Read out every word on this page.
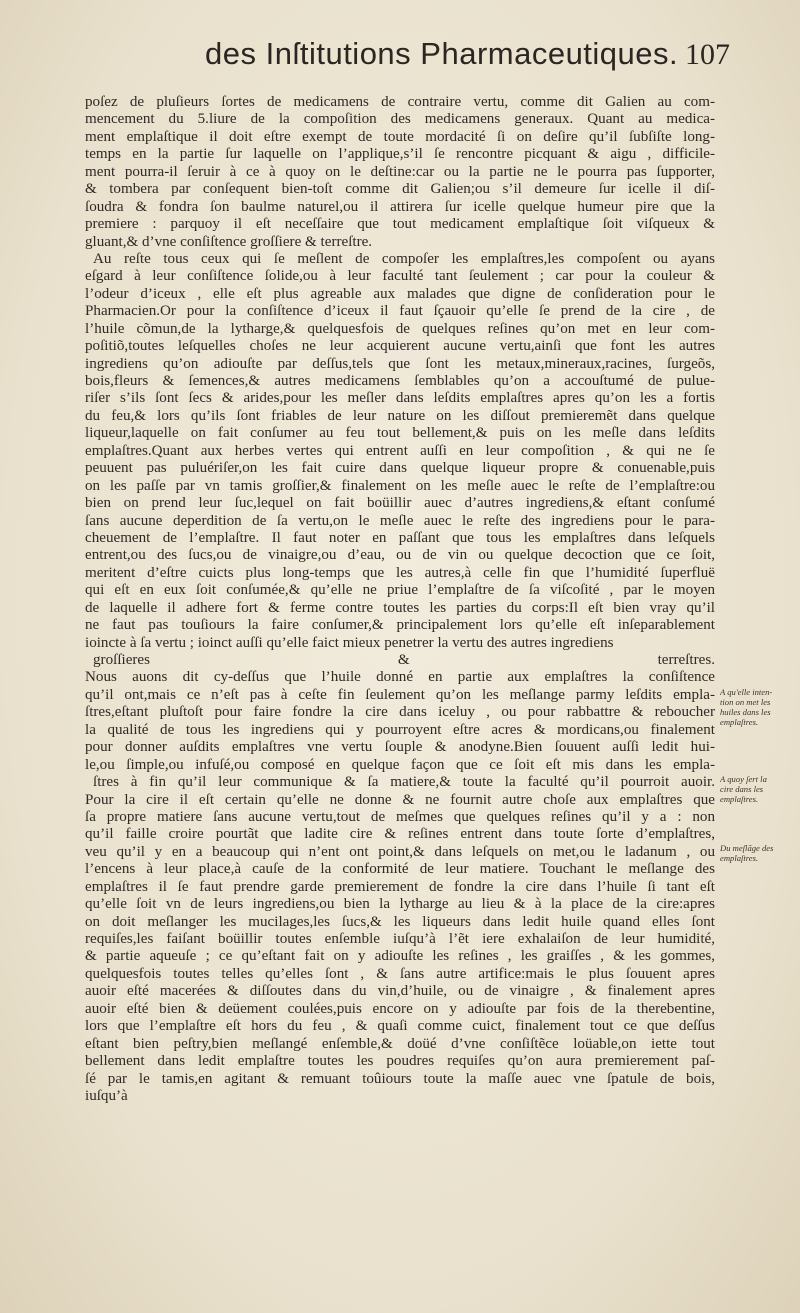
des Inſtitutions Pharmaceutiques. 107
poſez de pluſieurs ſortes de medicamens de contraire vertu, comme dit Galien au com-
mencement du 5.liure de la compoſition des medicamens generaux. Quant au medica-
ment emplaſtique il doit eſtre exempt de toute mordacité ſi on deſire qu’il ſubſiſte long-
temps en la partie ſur laquelle on l’applique,s’il ſe rencontre picquant & aigu , difficile-
ment pourra-il ſeruir à ce à quoy on le deſtine:car ou la partie ne le pourra pas ſupporter,
& tombera par conſequent bien-toſt comme dit Galien;ou s’il demeure ſur icelle il diſ-
ſoudra & fondra ſon baulme naturel,ou il attirera ſur icelle quelque humeur pire que la
premiere : parquoy il eſt neceſſaire que tout medicament emplaſtique ſoit viſqueux &
gluant,& d’vne conſiſtence groſſiere & terreſtre.
Au reſte tous ceux qui ſe meſlent de compoſer les emplaſtres,les compoſent ou ayans
eſgard à leur conſiſtence ſolide,ou à leur faculté tant ſeulement ; car pour la couleur &
l’odeur d’iceux , elle eſt plus agreable aux malades que digne de conſideration pour le
Pharmacien.Or pour la conſiſtence d’iceux il faut ſçauoir qu’elle ſe prend de la cire , de
l’huile cõmun,de la lytharge,& quelquesfois de quelques reſines qu’on met en leur com-
poſitiõ,toutes leſquelles choſes ne leur acquierent aucune vertu,ainſi que font les autres
ingrediens qu’on adiouſte par deſſus,tels que ſont les metaux,mineraux,racines, ſurgeõs,
bois,fleurs & ſemences,& autres medicamens ſemblables qu’on a accouſtumé de pulue-
riſer s’ils ſont ſecs & arides,pour les meſler dans leſdits emplaſtres apres qu’on les a fortis
du feu,& lors qu’ils ſont friables de leur nature on les diſſout premieremẽt dans quelque
liqueur,laquelle on fait conſumer au feu tout bellement,& puis on les meſle dans leſdits
emplaſtres.Quant aux herbes vertes qui entrent auſſi en leur compoſition , & qui ne ſe
peuuent pas puluériſer,on les fait cuire dans quelque liqueur propre & conuenable,puis
on les paſſe par vn tamis groſſier,& finalement on les meſle auec le reſte de l’emplaſtre:ou
bien on prend leur ſuc,lequel on fait boüillir auec d’autres ingrediens,& eſtant conſumé
ſans aucune deperdition de ſa vertu,on le meſle auec le reſte des ingrediens pour le para-
cheuement de l’emplaſtre. Il faut noter en paſſant que tous les emplaſtres dans leſquels
entrent,ou des ſucs,ou de vinaigre,ou d’eau, ou de vin ou quelque decoction que ce ſoit,
meritent d’eſtre cuicts plus long-temps que les autres,à celle fin que l’humidité ſuperfluë
qui eſt en eux ſoit conſumée,& qu’elle ne priue l’emplaſtre de ſa viſcoſité , par le moyen
de laquelle il adhere fort & ferme contre toutes les parties du corps:Il eſt bien vray qu’il
ne faut pas touſiours la faire conſumer,& principalement lors qu’elle eſt inſeparablement
ioincte à ſa vertu ; ioinct auſſi qu’elle faict mieux penetrer la vertu des autres ingrediens
groſſieres & terreſtres.
Nous auons dit cy-deſſus que l’huile donné en partie aux emplaſtres la conſiſtence
qu’il ont,mais ce n’eſt pas à ceſte fin ſeulement qu’on les meſlange parmy leſdits empla-
ſtres,eſtant pluſtoſt pour faire fondre la cire dans iceluy , ou pour rabbattre & reboucher
la qualité de tous les ingrediens qui y pourroyent eſtre acres & mordicans,ou finalement
pour donner auſdits emplaſtres vne vertu ſouple & anodyne.Bien ſouuent auſſi ledit hui-
le,ou ſimple,ou infuſé,ou composé en quelque façon que ce ſoit eſt mis dans les empla-
ſtres à fin qu’il leur communique & ſa matiere,& toute la faculté qu’il pourroit auoir.
Pour la cire il eſt certain qu’elle ne donne & ne fournit autre choſe aux emplaſtres que
ſa propre matiere ſans aucune vertu,tout de meſmes que quelques reſines qu’il y a : non
qu’il faille croire pourtãt que ladite cire & reſines entrent dans toute ſorte d’emplaſtres,
veu qu’il y en a beaucoup qui n’ent ont point,& dans leſquels on met,ou le ladanum , ou
l’encens à leur place,à cauſe de la conformité de leur matiere. Touchant le meſlange des
emplaſtres il ſe faut prendre garde premierement de fondre la cire dans l’huile ſi tant eſt
qu’elle ſoit vn de leurs ingrediens,ou bien la lytharge au lieu & à la place de la cire:apres
on doit meſlanger les mucilages,les ſucs,& les liqueurs dans ledit huile quand elles ſont
requiſes,les faiſant boüillir toutes enſemble iuſqu’à l’ẽt iere exhalaiſon de leur humidité,
& partie aqueuſe ; ce qu’eſtant fait on y adiouſte les reſines , les graiſſes , & les gommes,
quelquesfois toutes telles qu’elles ſont , & ſans autre artifice:mais le plus ſouuent apres
auoir eſté macerées & diſſoutes dans du vin,d’huile, ou de vinaigre , & finalement apres
auoir eſté bien & deüement coulées,puis encore on y adiouſte par fois de la therebentine,
lors que l’emplaſtre eſt hors du feu , & quaſi comme cuict, finalement tout ce que deſſus
eſtant bien peſtry,bien meſlangé enſemble,& doüé d’vne conſiſtẽce loüable,on iette tout
bellement dans ledit emplaſtre toutes les poudres requiſes qu’on aura premierement paſ-
ſé par le tamis,en agitant & remuant toûiours toute la maſſe auec vne ſpatule de bois,
iuſqu’à
A qu'elle inten-
tion on met les
huiles dans les
emplaſtres.
A quoy ſert la
cire dans les
emplaſtres.
Du meſlãge des
emplaſtres.
